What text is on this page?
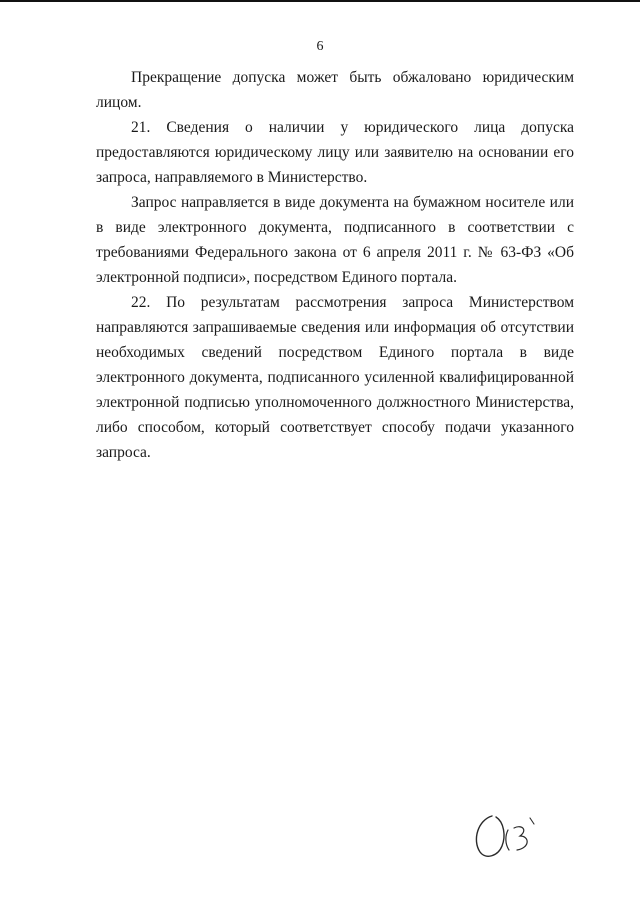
6

Прекращение допуска может быть обжаловано юридическим лицом.

21. Сведения о наличии у юридического лица допуска предоставляются юридическому лицу или заявителю на основании его запроса, направляемого в Министерство.

Запрос направляется в виде документа на бумажном носителе или в виде электронного документа, подписанного в соответствии с требованиями Федерального закона от 6 апреля 2011 г. № 63-ФЗ «Об электронной подписи», посредством Единого портала.

22. По результатам рассмотрения запроса Министерством направляются запрашиваемые сведения или информация об отсутствии необходимых сведений посредством Единого портала в виде электронного документа, подписанного усиленной квалифицированной электронной подписью уполномоченного должностного Министерства, либо способом, который соответствует способу подачи указанного запроса.
